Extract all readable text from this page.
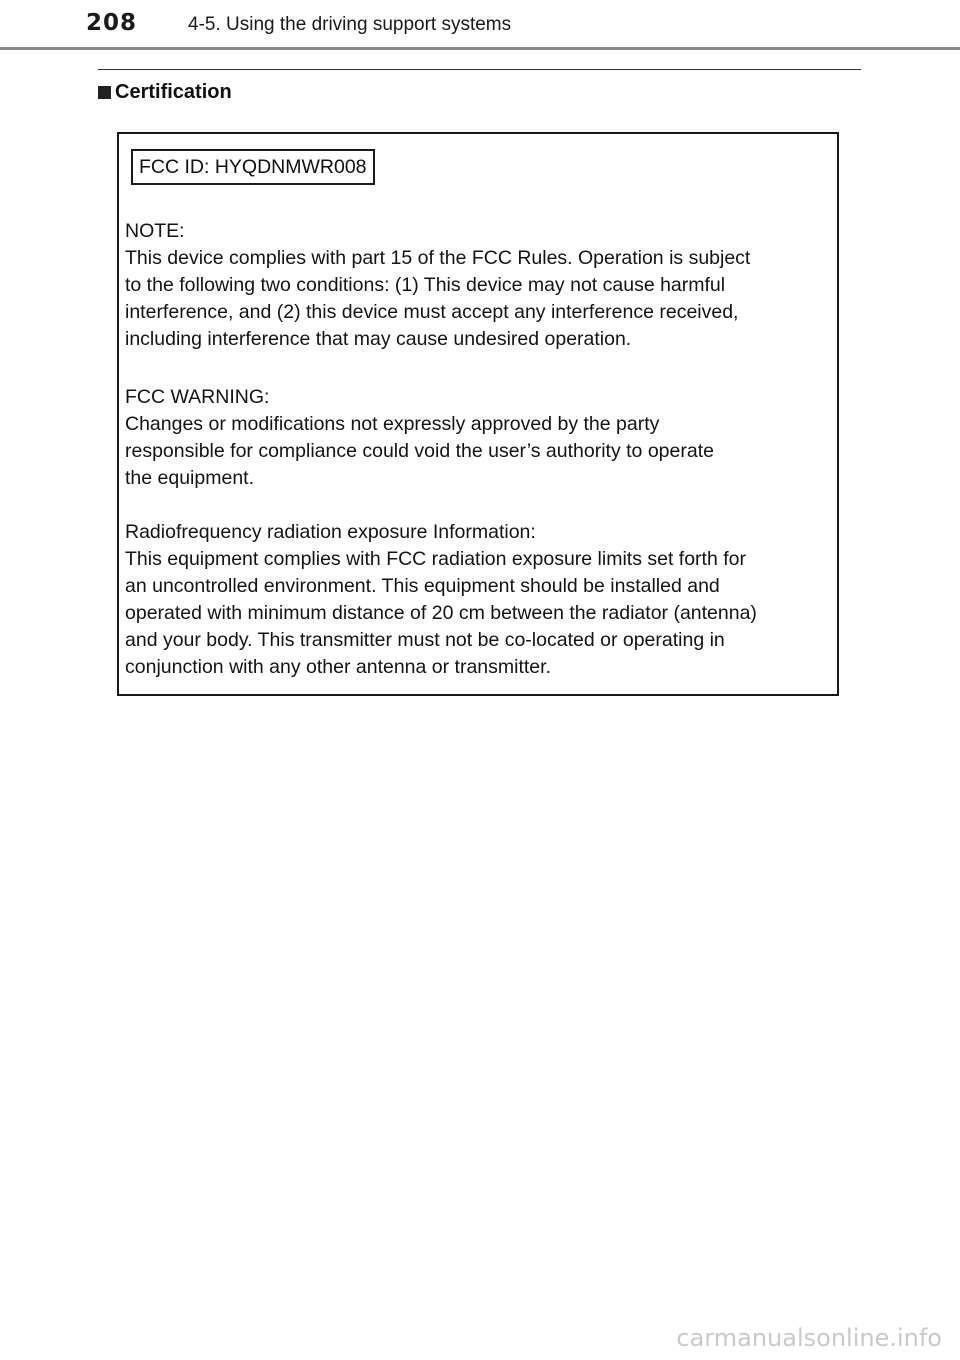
208	4-5. Using the driving support systems
Certification
FCC ID: HYQDNMWR008
NOTE:
This device complies with part 15 of the FCC Rules. Operation is subject
to the following two conditions: (1) This device may not cause harmful
interference, and (2) this device must accept any interference received,
including interference that may cause undesired operation.
FCC WARNING:
Changes or modifications not expressly approved by the party
responsible for compliance could void the user’s authority to operate
the equipment.
Radiofrequency radiation exposure Information:
This equipment complies with FCC radiation exposure limits set forth for
an uncontrolled environment. This equipment should be installed and
operated with minimum distance of 20 cm between the radiator (antenna)
and your body. This transmitter must not be co-located or operating in
conjunction with any other antenna or transmitter.
carmanualsonline.info
